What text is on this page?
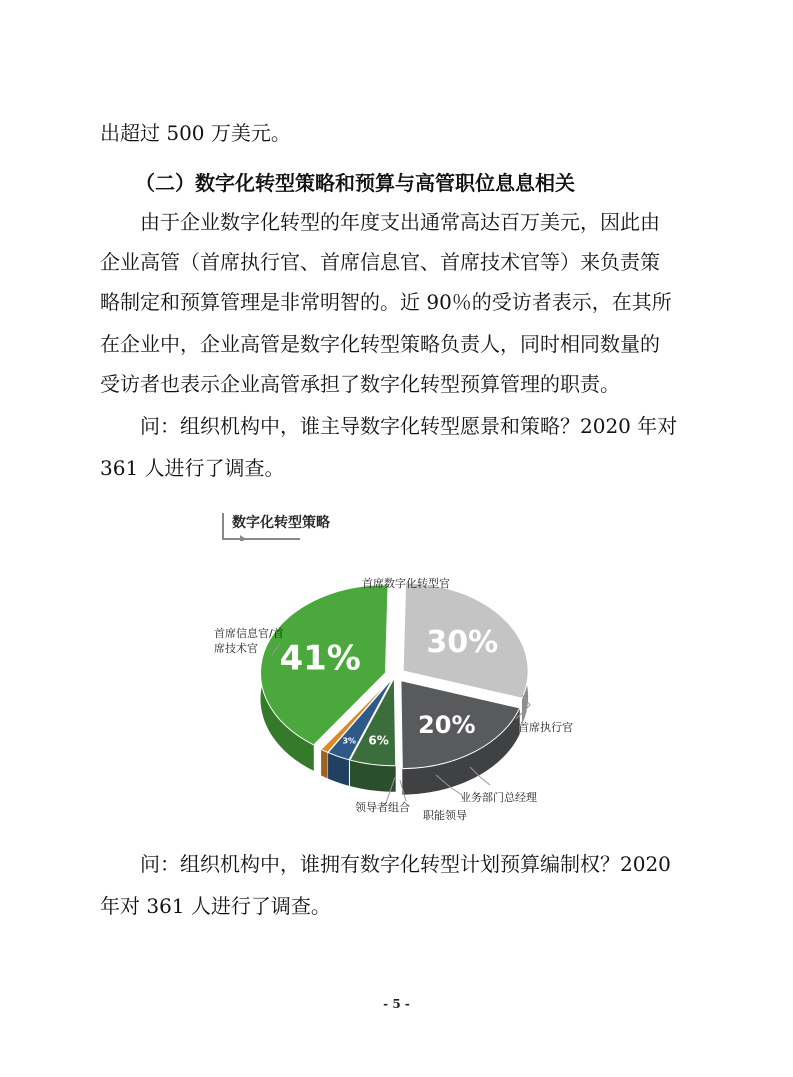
出超过 500 万美元。
（二）数字化转型策略和预算与高管职位息息相关
由于企业数字化转型的年度支出通常高达百万美元，因此由
企业高管（首席执行官、首席信息官、首席技术官等）来负责策
略制定和预算管理是非常明智的。近 90％的受访者表示，在其所
在企业中，企业高管是数字化转型策略负责人，同时相同数量的
受访者也表示企业高管承担了数字化转型预算管理的职责。
问：组织机构中，谁主导数字化转型愿景和策略？2020 年对
361 人进行了调查。
数字化转型策略
41% 30%
20%
6%
3%
首席数字化转型官
首席信息官/首席技术官
首席执行官
业务部门总经理
职能领导
领导者组合
问：组织机构中，谁拥有数字化转型计划预算编制权？2020
年对 361 人进行了调查。
- 5 -
